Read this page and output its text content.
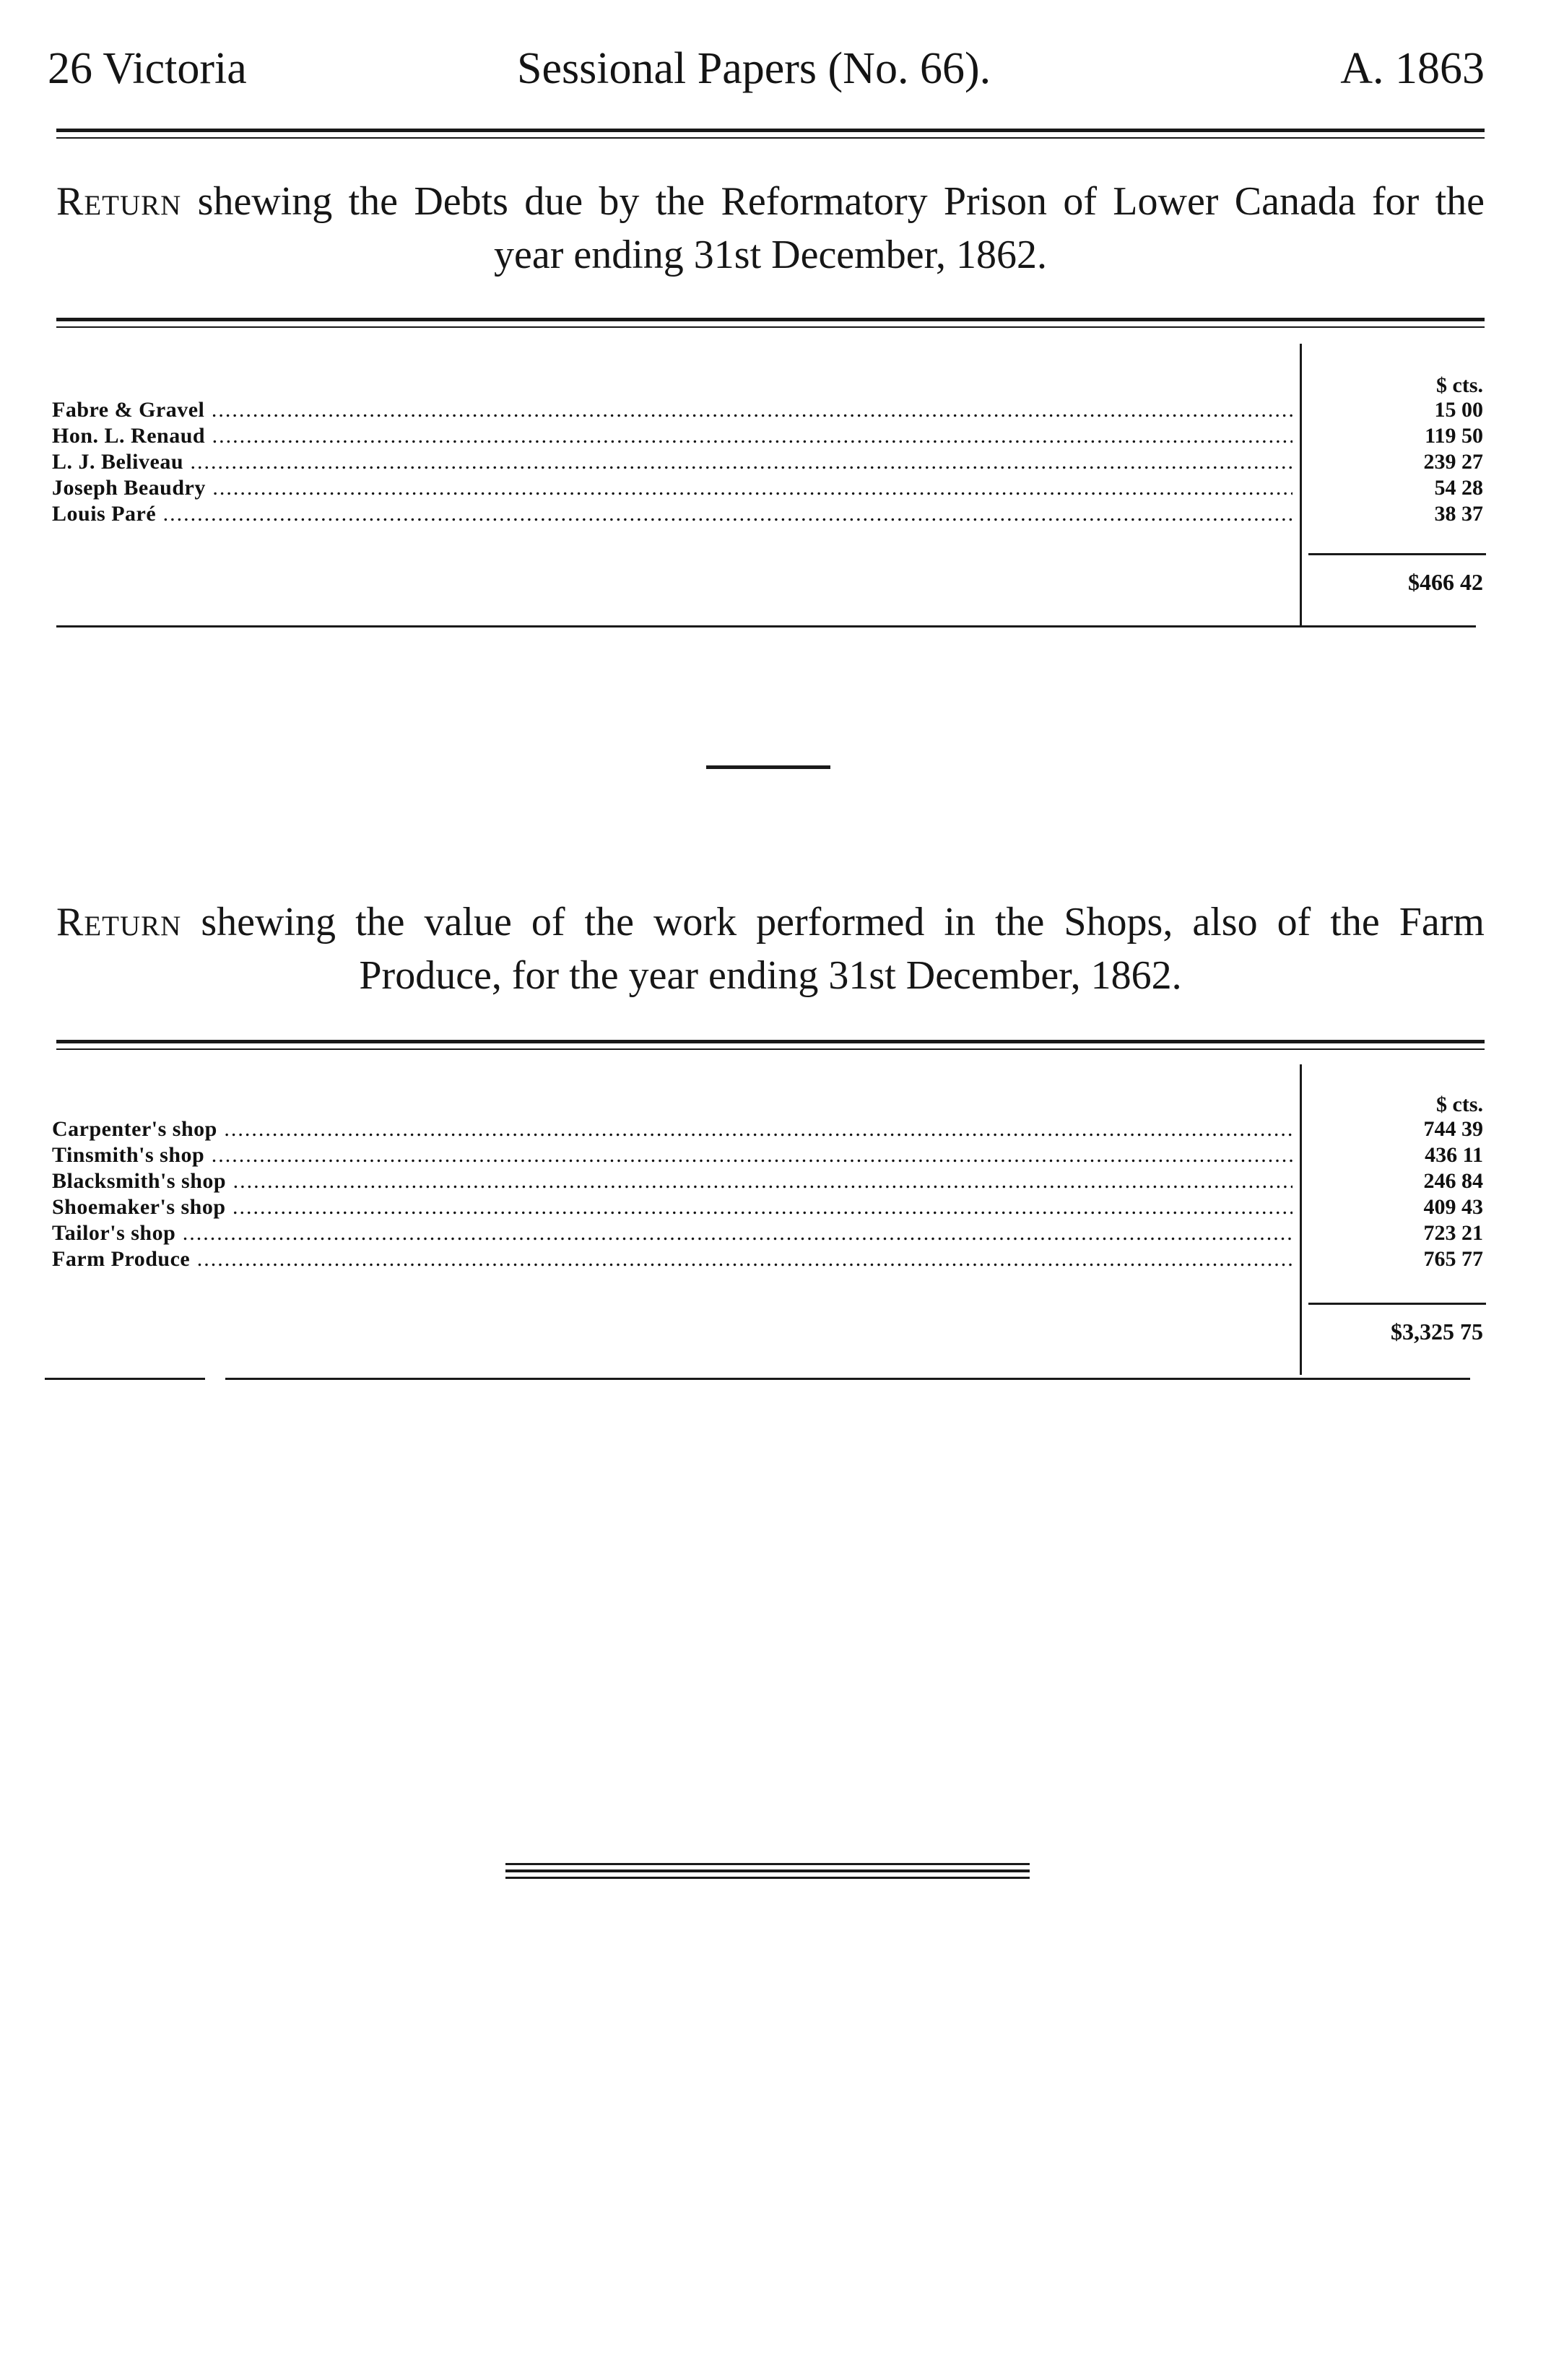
26 Victoria	Sessional Papers (No. 66).	A. 1863
Return shewing the Debts due by the Reformatory Prison of Lower Canada for the year ending 31st December, 1862.
$ cts.
Fabre & Gravel .....	15 00
Hon. L. Renaud .....	119 50
L. J. Beliveau .....	239 27
Joseph Beaudry .....	54 28
Louis Paré .....	38 37
$466 42
Return shewing the value of the work performed in the Shops, also of the Farm Produce, for the year ending 31st December, 1862.
$ cts.
Carpenter's shop .....	744 39
Tinsmith's shop .....	436 11
Blacksmith's shop .....	246 84
Shoemaker's shop .....	409 43
Tailor's shop .....	723 21
Farm Produce .....	765 77
$3,325 75
